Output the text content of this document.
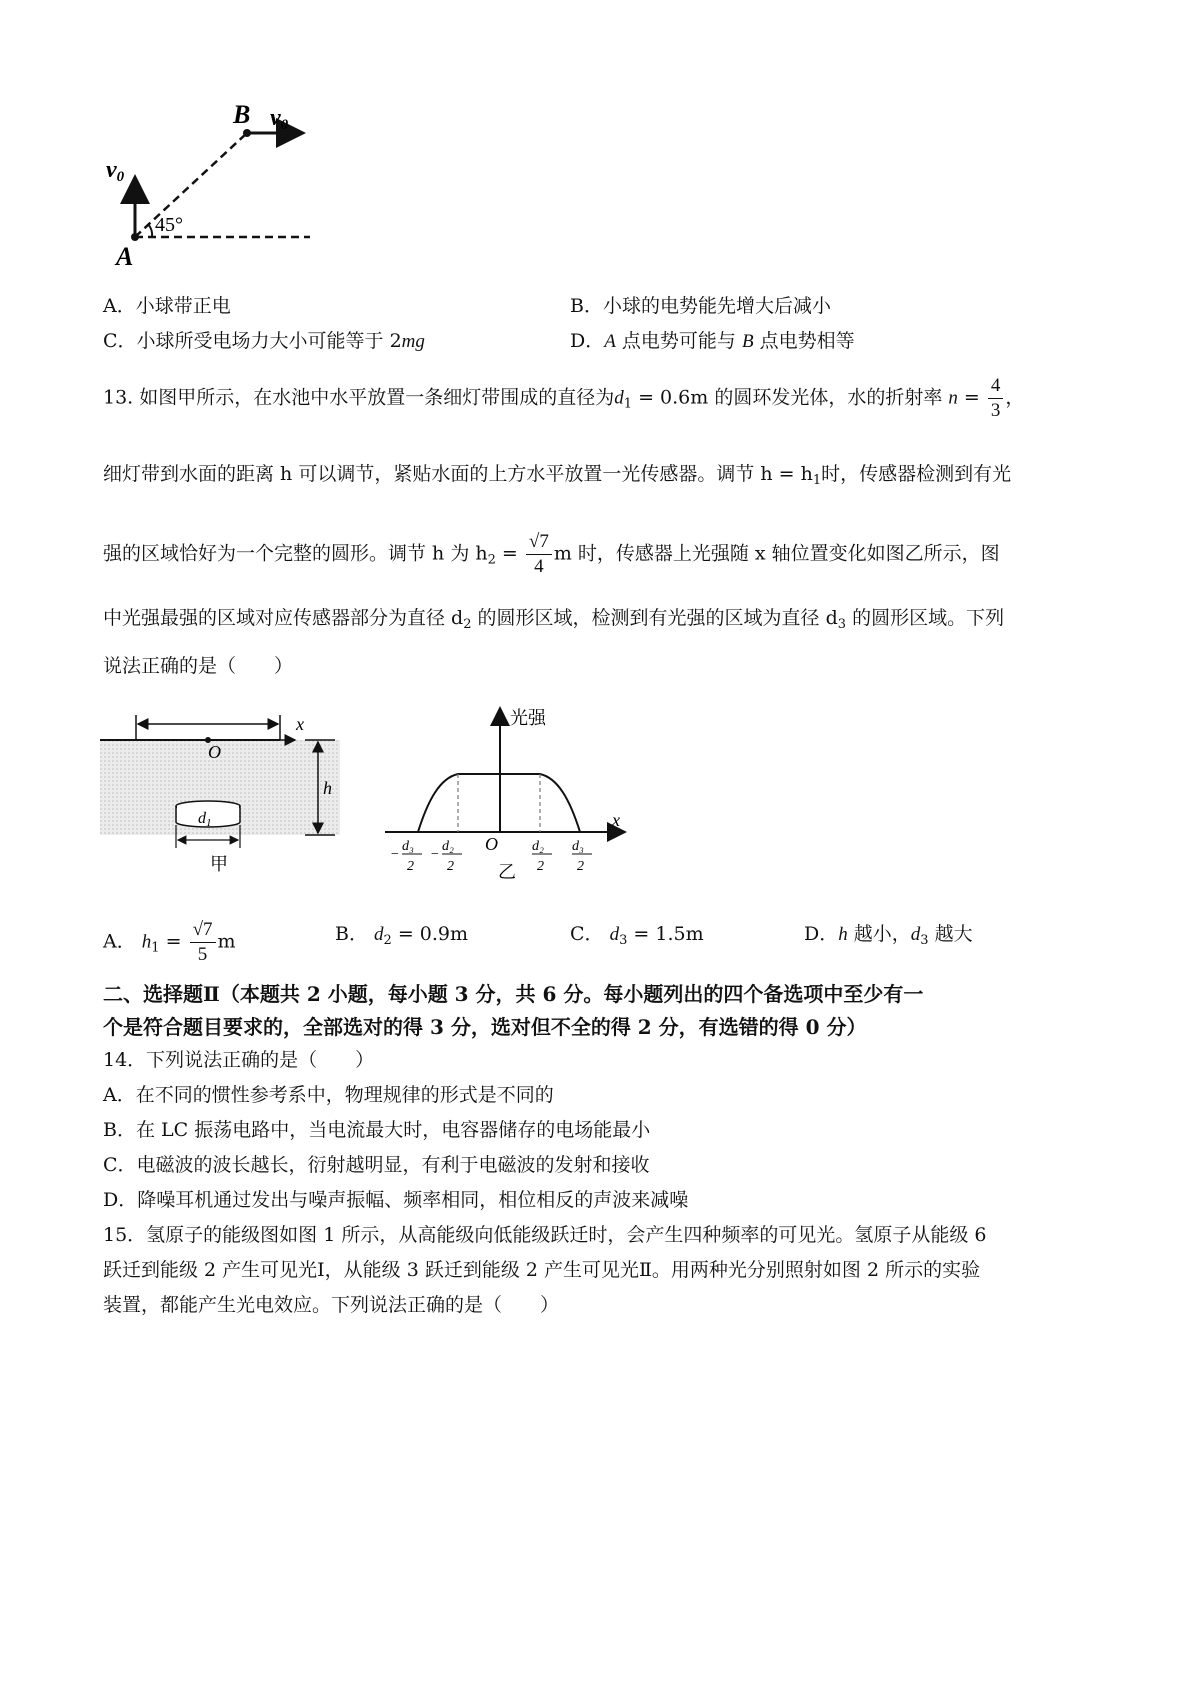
B v0
v0
A
45°
A．小球带正电	B．小球的电势能先增大后减小
C．小球所受电场力大小可能等于 2mg	D．A 点电势可能与 B 点电势相等
13. 如图甲所示，在水池中水平放置一条细灯带围成的直径为$d_1 = 0.6m$ 的圆环发光体，水的折射率 $n = \frac{4}{3}$ ，
细灯带到水面的距离 h 可以调节，紧贴水面的上方水平放置一光传感器。调节 $h = h_1$时，传感器检测到有光
强的区域恰好为一个完整的圆形。调节 h 为 $h_2 = \frac{√7}{4}$ m 时，传感器上光强随 x 轴位置变化如图乙所示，图
中光强最强的区域对应传感器部分为直径 $d_2$ 的圆形区域，检测到有光强的区域为直径 $d_3$ 的圆形区域。下列
说法正确的是（　　）
x
O
h
d1
甲
光强
x
O
−
d₃
2
−
d₂
2
d₂
2
d₃
2
乙
A． $h_1 = \frac{√7}{5}$ m	B． $d_2 = 0.9m$	C． $d_3 = 1.5m$	D．h 越小，$d_3$ 越大
二、选择题Ⅱ（本题共 2 小题，每小题 3 分，共 6 分。每小题列出的四个备选项中至少有一
个是符合题目要求的，全部选对的得 3 分，选对但不全的得 2 分，有选错的得 0 分）
14．下列说法正确的是（　　）
A．在不同的惯性参考系中，物理规律的形式是不同的
B．在 LC 振荡电路中，当电流最大时，电容器储存的电场能最小
C．电磁波的波长越长，衍射越明显，有利于电磁波的发射和接收
D．降噪耳机通过发出与噪声振幅、频率相同，相位相反的声波来减噪
15．氢原子的能级图如图 1 所示，从高能级向低能级跃迁时，会产生四种频率的可见光。氢原子从能级 6
跃迁到能级 2 产生可见光Ⅰ，从能级 3 跃迁到能级 2 产生可见光Ⅱ。用两种光分别照射如图 2 所示的实验
装置，都能产生光电效应。下列说法正确的是（　　）
